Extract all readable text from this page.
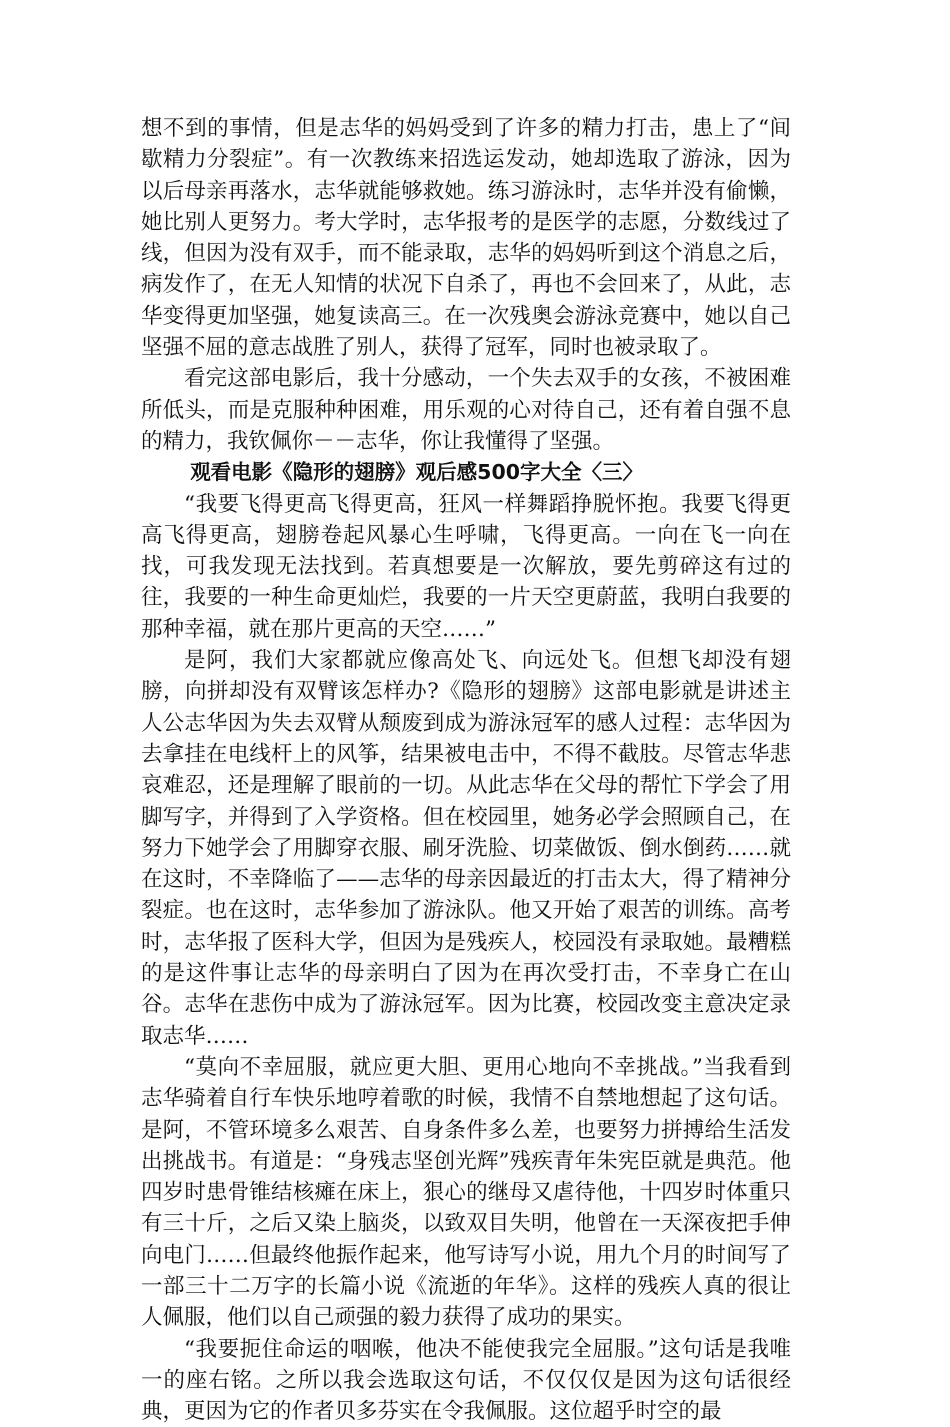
想不到的事情，但是志华的妈妈受到了许多的精力打击，患上了“间歇精力分裂症”。有一次教练来招选运发动，她却选取了游泳，因为以后母亲再落水，志华就能够救她。练习游泳时，志华并没有偷懒，她比别人更努力。考大学时，志华报考的是医学的志愿，分数线过了线，但因为没有双手，而不能录取，志华的妈妈听到这个消息之后，病发作了，在无人知情的状况下自杀了，再也不会回来了，从此，志华变得更加坚强，她复读高三。在一次残奥会游泳竞赛中，她以自己坚强不屈的意志战胜了别人，获得了冠军，同时也被录取了。

看完这部电影后，我十分感动，一个失去双手的女孩，不被困难所低头，而是克服种种困难，用乐观的心对待自己，还有着自强不息的精力，我钦佩你－－志华，你让我懂得了坚强。

观看电影《隐形的翅膀》观后感500字大全〈三〉

“我要飞得更高飞得更高，狂风一样舞蹈挣脱怀抱。我要飞得更高飞得更高，翅膀卷起风暴心生呼啸，飞得更高。一向在飞一向在找，可我发现无法找到。若真想要是一次解放，要先剪碎这有过的往，我要的一种生命更灿烂，我要的一片天空更蔚蓝，我明白我要的那种幸福，就在那片更高的天空……”

是阿，我们大家都就应像高处飞、向远处飞。但想飞却没有翅膀，向拼却没有双臂该怎样办?《隐形的翅膀》这部电影就是讲述主人公志华因为失去双臂从颓废到成为游泳冠军的感人过程：志华因为去拿挂在电线杆上的风筝，结果被电击中，不得不截肢。尽管志华悲哀难忍，还是理解了眼前的一切。从此志华在父母的帮忙下学会了用脚写字，并得到了入学资格。但在校园里，她务必学会照顾自己，在努力下她学会了用脚穿衣服、刷牙洗脸、切菜做饭、倒水倒药……就在这时，不幸降临了——志华的母亲因最近的打击太大，得了精神分裂症。也在这时，志华参加了游泳队。他又开始了艰苦的训练。高考时，志华报了医科大学，但因为是残疾人，校园没有录取她。最糟糕的是这件事让志华的母亲明白了因为在再次受打击，不幸身亡在山谷。志华在悲伤中成为了游泳冠军。因为比赛，校园改变主意决定录取志华……

“莫向不幸屈服，就应更大胆、更用心地向不幸挑战。”当我看到志华骑着自行车快乐地哼着歌的时候，我情不自禁地想起了这句话。是阿，不管环境多么艰苦、自身条件多么差，也要努力拼搏给生活发出挑战书。有道是：“身残志坚创光辉”残疾青年朱宪臣就是典范。他四岁时患骨锥结核瘫在床上，狠心的继母又虐待他，十四岁时体重只有三十斤，之后又染上脑炎，以致双目失明，他曾在一天深夜把手伸向电门……但最终他振作起来，他写诗写小说，用九个月的时间写了一部三十二万字的长篇小说《流逝的年华》。这样的残疾人真的很让人佩服，他们以自己顽强的毅力获得了成功的果实。

“我要扼住命运的咽喉，他决不能使我完全屈服。”这句话是我唯一的座右铭。之所以我会选取这句话，不仅仅仅是因为这句话很经典，更因为它的作者贝多芬实在令我佩服。这位超乎时空的最
